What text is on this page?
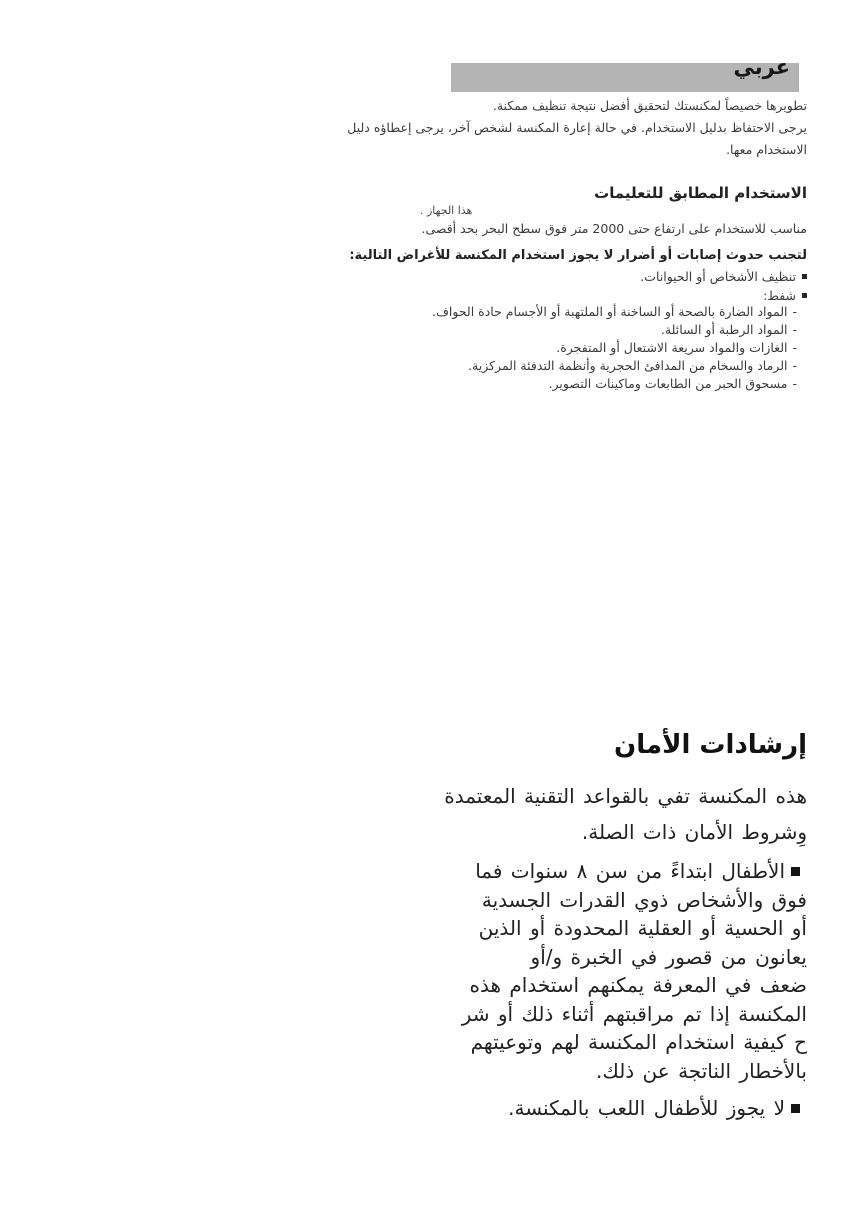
عربي
تطويرها خصيصاً لمكنستك لتحقيق أفضل نتيجة تنظيف ممكنة.
يرجى الاحتفاظ بدليل الاستخدام. في حالة إعارة المكنسة لشخص آخر، يرجى إعطاؤه دليل
الاستخدام معها.
الاستخدام المطابق للتعليمات
هذا الجهاز .
مناسب للاستخدام على ارتفاع حتى 2000 متر فوق سطح البحر بحد أقصى.
لتجنب حدوث إصابات أو أضرار لا يجوز استخدام المكنسة للأغراض التالية:
تنظيف الأشخاص أو الحيوانات.
شفط:
-
المواد الضارة بالصحة أو الساخنة أو الملتهبة أو الأجسام حادة الحواف.
-
المواد الرطبة أو السائلة.
-
الغازات والمواد سريعة الاشتعال أو المتفجرة.
-
الرماد والسخام من المدافئ الحجرية وأنظمة التدفئة المركزية.
-
مسحوق الحبر من الطابعات وماكينات التصوير.
إرشادات الأمان
هذه المكنسة تفي بالقواعد التقنية المعتمدة
وِشروط الأمان ذات الصلة.
الأطفال ابتداءً من سن ٨ سنوات فما
فوق والأشخاص ذوي القدرات الجسدية
أو الحسية أو العقلية المحدودة أو الذين
يعانون من قصور في الخبرة و/أو
ضعف في المعرفة يمكنهم استخدام هذه
المكنسة إذا تم مراقبتهم أثناء ذلك أو شر
ح كيفية استخدام المكنسة لهم وتوعيتهم
بالأخطار الناتجة عن ذلك.
لا يجوز للأطفال اللعب بالمكنسة.
